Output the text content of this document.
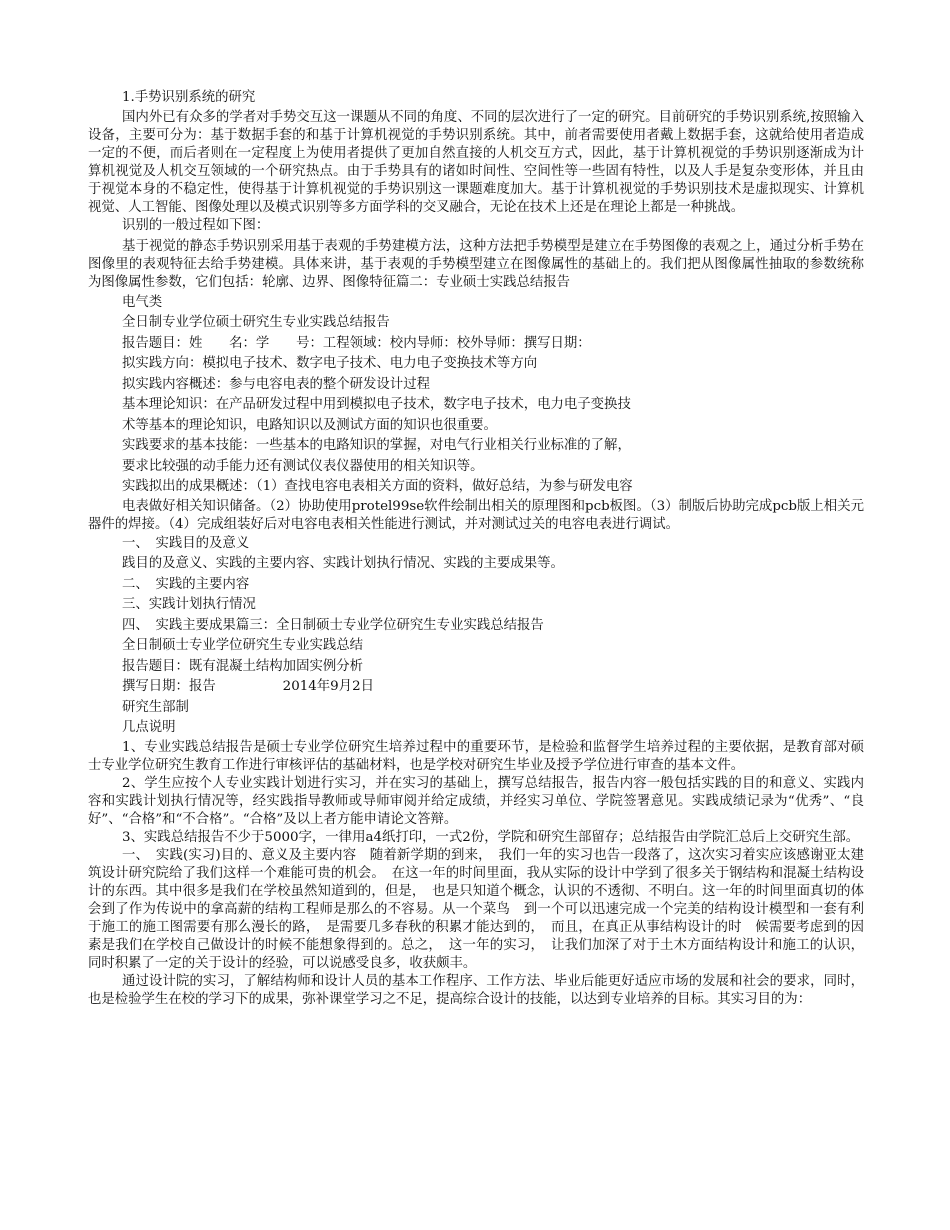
1.手势识别系统的研究

国内外已有众多的学者对手势交互这一课题从不同的角度、不同的层次进行了一定的研究。目前研究的手势识别系统,按照输入设备，主要可分为：基于数据手套的和基于计算机视觉的手势识别系统。其中，前者需要使用者戴上数据手套，这就给使用者造成一定的不便，而后者则在一定程度上为使用者提供了更加自然直接的人机交互方式，因此，基于计算机视觉的手势识别逐渐成为计算机视觉及人机交互领域的一个研究热点。由于手势具有的诸如时间性、空间性等一些固有特性，以及人手是复杂变形体，并且由于视觉本身的不稳定性，使得基于计算机视觉的手势识别这一课题难度加大。基于计算机视觉的手势识别技术是虚拟现实、计算机视觉、人工智能、图像处理以及模式识别等多方面学科的交叉融合，无论在技术上还是在理论上都是一种挑战。

识别的一般过程如下图：

基于视觉的静态手势识别采用基于表观的手势建模方法，这种方法把手势模型是建立在手势图像的表观之上，通过分析手势在图像里的表观特征去给手势建模。具体来讲，基于表观的手势模型建立在图像属性的基础上的。我们把从图像属性抽取的参数统称为图像属性参数，它们包括：轮廓、边界、图像特征篇二：专业硕士实践总结报告

电气类

全日制专业学位硕士研究生专业实践总结报告

报告题目：姓　　名：学　　号：工程领域：校内导师：校外导师：撰写日期：

拟实践方向：模拟电子技术、数字电子技术、电力电子变换技术等方向

拟实践内容概述：参与电容电表的整个研发设计过程

基本理论知识：在产品研发过程中用到模拟电子技术，数字电子技术，电力电子变换技

术等基本的理论知识，电路知识以及测试方面的知识也很重要。

实践要求的基本技能：一些基本的电路知识的掌握，对电气行业相关行业标准的了解，

要求比较强的动手能力还有测试仪表仪器使用的相关知识等。

实践拟出的成果概述：（1）查找电容电表相关方面的资料，做好总结，为参与研发电容

电表做好相关知识储备。（2）协助使用protel99se软件绘制出相关的原理图和pcb板图。（3）制版后协助完成pcb版上相关元器件的焊接。（4）完成组装好后对电容电表相关性能进行测试，并对测试过关的电容电表进行调试。

一、　实践目的及意义

践目的及意义、实践的主要内容、实践计划执行情况、实践的主要成果等。

二、　实践的主要内容

三、实践计划执行情况

四、　实践主要成果篇三：全日制硕士专业学位研究生专业实践总结报告

全日制硕士专业学位研究生专业实践总结

报告题目：既有混凝土结构加固实例分析

撰写日期：报告　　　　　2014年9月2日

研究生部制

几点说明

1、专业实践总结报告是硕士专业学位研究生培养过程中的重要环节，是检验和监督学生培养过程的主要依据，是教育部对硕士专业学位研究生教育工作进行审核评估的基础材料，也是学校对研究生毕业及授予学位进行审查的基本文件。

2、学生应按个人专业实践计划进行实习，并在实习的基础上，撰写总结报告，报告内容一般包括实践的目的和意义、实践内容和实践计划执行情况等，经实践指导教师或导师审阅并给定成绩，并经实习单位、学院签署意见。实践成绩记录为“优秀”、“良好”、“合格”和“不合格”。“合格”及以上者方能申请论文答辩。

3、实践总结报告不少于5000字，一律用a4纸打印，一式2份，学院和研究生部留存；总结报告由学院汇总后上交研究生部。

一、　实践(实习)目的、意义及主要内容　随着新学期的到来，　我们一年的实习也告一段落了，这次实习着实应该感谢亚太建筑设计研究院给了我们这样一个难能可贵的机会。　在这一年的时间里面，我从实际的设计中学到了很多关于钢结构和混凝土结构设计的东西。其中很多是我们在学校虽然知道到的，但是，　也是只知道个概念，认识的不透彻、不明白。这一年的时间里面真切的体会到了作为传说中的拿高薪的结构工程师是那么的不容易。从一个菜鸟　到一个可以迅速完成一个完美的结构设计模型和一套有利于施工的施工图需要有那么漫长的路，　是需要几多春秋的积累才能达到的，　而且，在真正从事结构设计的时　候需要考虑到的因素是我们在学校自己做设计的时候不能想象得到的。总之，　这一年的实习，　让我们加深了对于土木方面结构设计和施工的认识，同时积累了一定的关于设计的经验，可以说感受良多，收获颇丰。

通过设计院的实习，了解结构师和设计人员的基本工作程序、工作方法、毕业后能更好适应市场的发展和社会的要求，同时，也是检验学生在校的学习下的成果，弥补课堂学习之不足，提高综合设计的技能，以达到专业培养的目标。其实习目的为：
